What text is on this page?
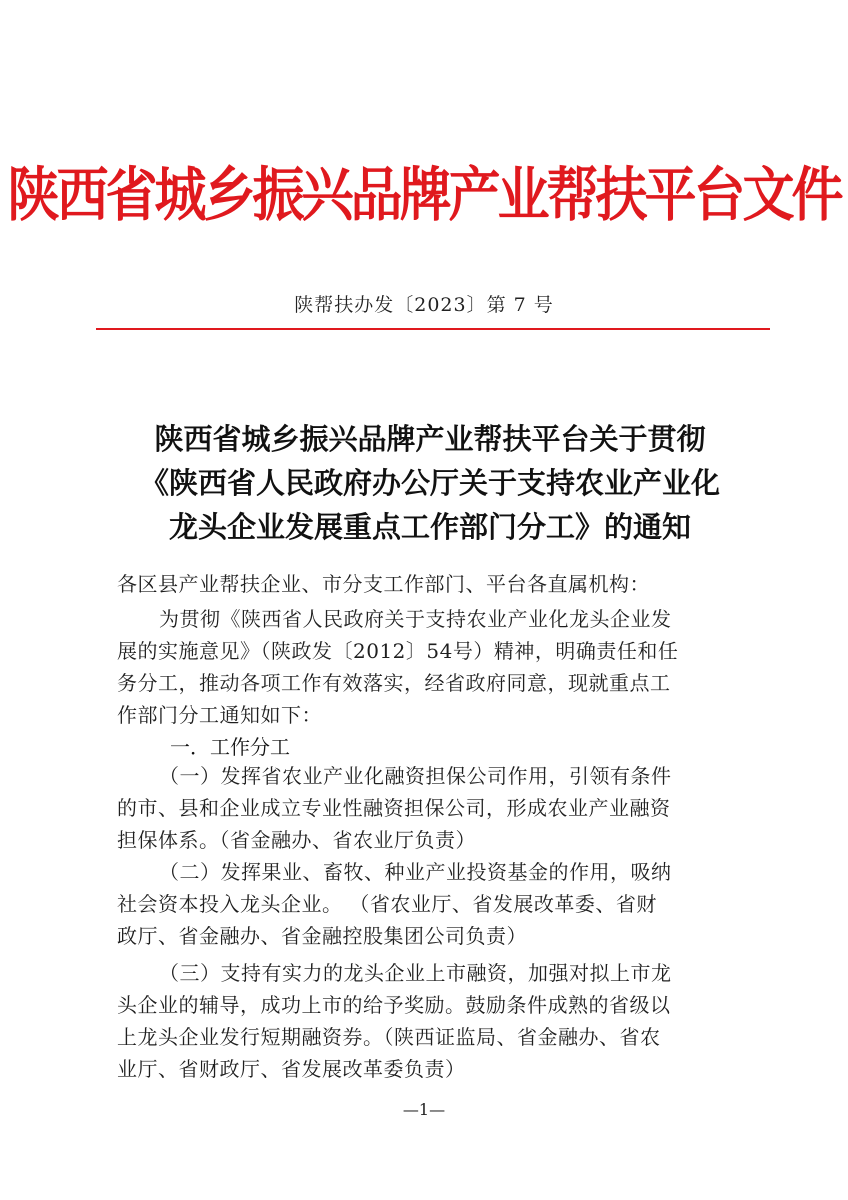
陕西省城乡振兴品牌产业帮扶平台文件
陕帮扶办发〔2023〕第 7 号
陕西省城乡振兴品牌产业帮扶平台关于贯彻
《陕西省人民政府办公厅关于支持农业产业化
龙头企业发展重点工作部门分工》的通知
各区县产业帮扶企业、市分支工作部门、平台各直属机构：
为贯彻《陕西省人民政府关于支持农业产业化龙头企业发
展的实施意见》（陕政发〔2012〕54号）精神，明确责任和任
务分工，推动各项工作有效落实，经省政府同意，现就重点工
作部门分工通知如下：
一．工作分工
（一）发挥省农业产业化融资担保公司作用，引领有条件
的市、县和企业成立专业性融资担保公司，形成农业产业融资
担保体系。（省金融办、省农业厅负责）
（二）发挥果业、畜牧、种业产业投资基金的作用，吸纳
社会资本投入龙头企业。 （省农业厅、省发展改革委、省财
政厅、省金融办、省金融控股集团公司负责）
（三）支持有实力的龙头企业上市融资，加强对拟上市龙
头企业的辅导，成功上市的给予奖励。鼓励条件成熟的省级以
上龙头企业发行短期融资券。（陕西证监局、省金融办、省农
业厅、省财政厅、省发展改革委负责）
—1—
